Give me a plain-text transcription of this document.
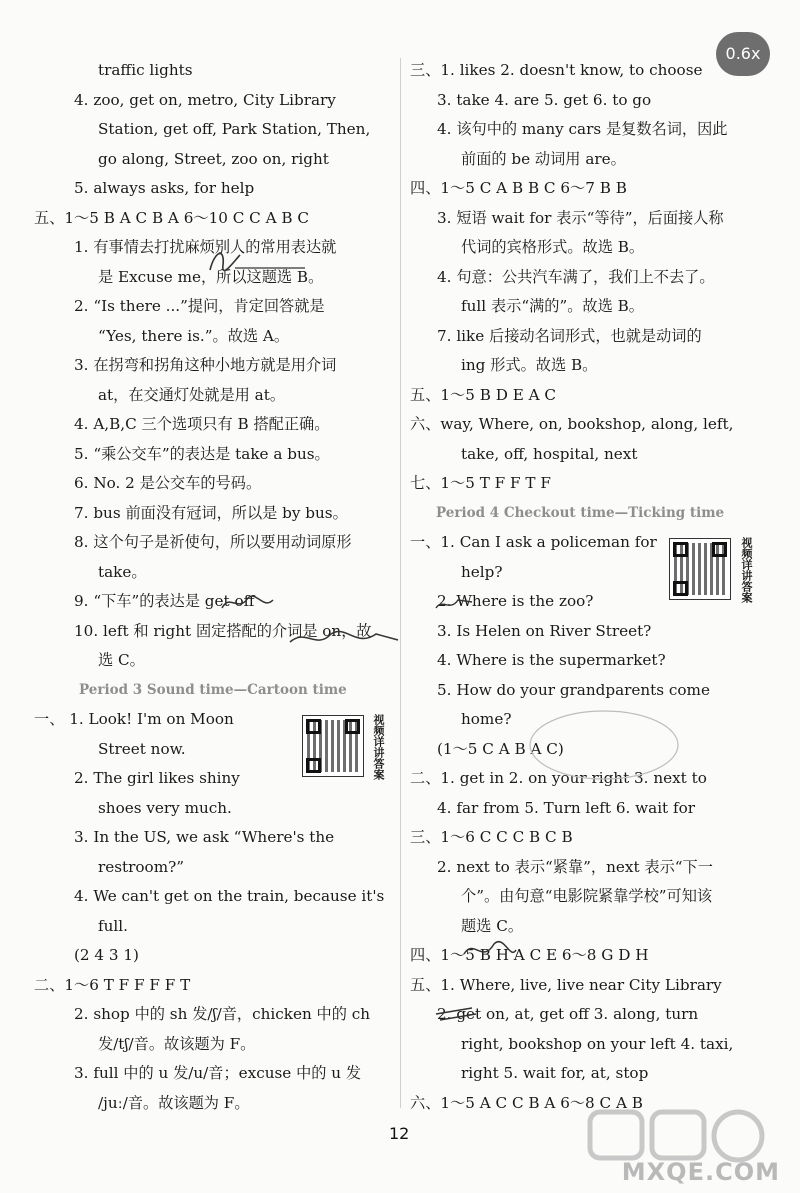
traffic lights
4. zoo, get on, metro, City Library
Station, get off, Park Station, Then,
go along, Street, zoo on, right
5. always asks, for help
五、1～5 B A C B A 6～10 C C A B C
1. 有事情去打扰麻烦别人的常用表达就
是 Excuse me，所以这题选 B。
2. “Is there ...”提问，肯定回答就是
“Yes, there is.”。故选 A。
3. 在拐弯和拐角这种小地方就是用介词
at，在交通灯处就是用 at。
4. A,B,C 三个选项只有 B 搭配正确。
5. “乘公交车”的表达是 take a bus。
6. No. 2 是公交车的号码。
7. bus 前面没有冠词，所以是 by bus。
8. 这个句子是祈使句，所以要用动词原形
take。
9. “下车”的表达是 get off
10. left 和 right 固定搭配的介词是 on，故
选 C。
Period 3 Sound time—Cartoon time
一、 1. Look! I'm on Moon
Street now.
2. The girl likes shiny
shoes very much.
3. In the US, we ask “Where's the
restroom?”
4. We can't get on the train, because it's
full.
(2 4 3 1)
二、1～6 T F F F F T
2. shop 中的 sh 发/ʃ/音，chicken 中的 ch
发/tʃ/音。故该题为 F。
3. full 中的 u 发/u/音；excuse 中的 u 发
/juː/音。故该题为 F。
三、1. likes 2. doesn't know, to choose
3. take 4. are 5. get 6. to go
4. 该句中的 many cars 是复数名词，因此
前面的 be 动词用 are。
四、1～5 C A B B C 6～7 B B
3. 短语 wait for 表示“等待”，后面接人称
代词的宾格形式。故选 B。
4. 句意：公共汽车满了，我们上不去了。
full 表示“满的”。故选 B。
7. like 后接动名词形式，也就是动词的
ing 形式。故选 B。
五、1～5 B D E A C
六、way, Where, on, bookshop, along, left,
take, off, hospital, next
七、1～5 T F F T F
Period 4 Checkout time—Ticking time
一、1. Can I ask a policeman for
help?
2. Where is the zoo?
3. Is Helen on River Street?
4. Where is the supermarket?
5. How do your grandparents come
home?
(1～5 C A B A C)
二、1. get in 2. on your right 3. next to
4. far from 5. Turn left 6. wait for
三、1～6 C C C B C B
2. next to 表示“紧靠”，next 表示“下一
个”。由句意“电影院紧靠学校”可知该
题选 C。
四、1～5 B H A C E 6～8 G D H
五、1. Where, live, live near City Library
2. get on, at, get off 3. along, turn
right, bookshop on your left 4. taxi,
right 5. wait for, at, stop
六、1～5 A C C B A 6～8 C A B
视频详讲答案
视频详讲答案
0.6x
12
MXQE.COM
